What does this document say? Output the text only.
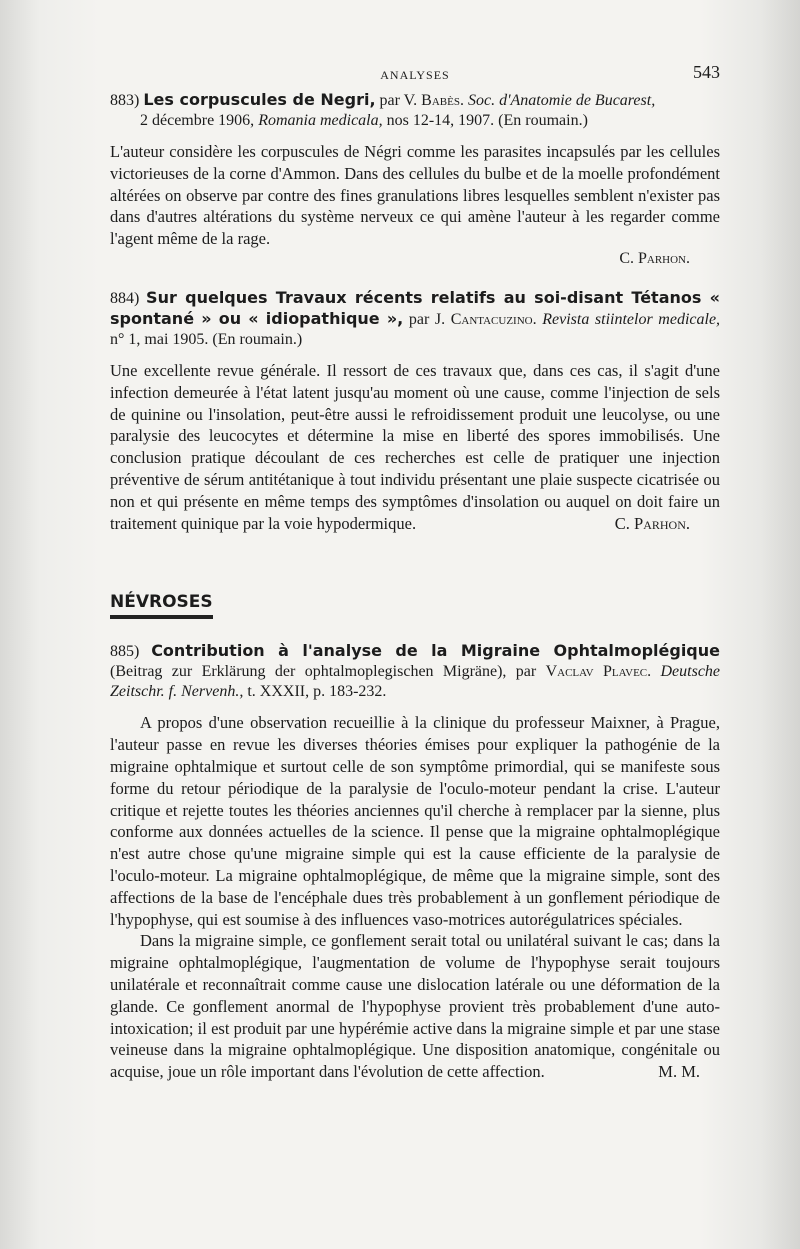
ANALYSES	543

883) Les corpuscules de Negri, par V. Babès. Soc. d'Anatomie de Bucarest,
2 décembre 1906, Romania medicala, nos 12-14, 1907. (En roumain.)

L'auteur considère les corpuscules de Négri comme les parasites incapsulés par les cellules victorieuses de la corne d'Ammon. Dans des cellules du bulbe et de la moelle profondément altérées on observe par contre des fines granulations libres lesquelles semblent n'exister pas dans d'autres altérations du système nerveux ce qui amène l'auteur à les regarder comme l'agent même de la rage.

C. Parhon.

884) Sur quelques Travaux récents relatifs au soi-disant Tétanos « spontané » ou « idiopathique », par J. Cantacuzino. Revista stiintelor medicale, n° 1, mai 1905. (En roumain.)

Une excellente revue générale. Il ressort de ces travaux que, dans ces cas, il s'agit d'une infection demeurée à l'état latent jusqu'au moment où une cause, comme l'injection de sels de quinine ou l'insolation, peut-être aussi le refroidissement produit une leucolyse, ou une paralysie des leucocytes et détermine la mise en liberté des spores immobilisés. Une conclusion pratique découlant de ces recherches est celle de pratiquer une injection préventive de sérum antitétanique à tout individu présentant une plaie suspecte cicatrisée ou non et qui présente en même temps des symptômes d'insolation ou auquel on doit faire un traitement quinique par la voie hypodermique.	C. Parhon.

NÉVROSES

885) Contribution à l'analyse de la Migraine Ophtalmoplégique (Beitrag zur Erklärung der ophtalmoplegischen Migräne), par Vaclav Plavec. Deutsche Zeitschr. f. Nervenh., t. XXXII, p. 183-232.

A propos d'une observation recueillie à la clinique du professeur Maixner, à Prague, l'auteur passe en revue les diverses théories émises pour expliquer la pathogénie de la migraine ophtalmique et surtout celle de son symptôme primordial, qui se manifeste sous forme du retour périodique de la paralysie de l'oculo-moteur pendant la crise. L'auteur critique et rejette toutes les théories anciennes qu'il cherche à remplacer par la sienne, plus conforme aux données actuelles de la science. Il pense que la migraine ophtalmoplégique n'est autre chose qu'une migraine simple qui est la cause efficiente de la paralysie de l'oculo-moteur. La migraine ophtalmoplégique, de même que la migraine simple, sont des affections de la base de l'encéphale dues très probablement à un gonflement périodique de l'hypophyse, qui est soumise à des influences vaso-motrices autorégulatrices spéciales.

Dans la migraine simple, ce gonflement serait total ou unilatéral suivant le cas; dans la migraine ophtalmoplégique, l'augmentation de volume de l'hypophyse serait toujours unilatérale et reconnaîtrait comme cause une dislocation latérale ou une déformation de la glande. Ce gonflement anormal de l'hypophyse provient très probablement d'une auto-intoxication; il est produit par une hypérémie active dans la migraine simple et par une stase veineuse dans la migraine ophtalmoplégique. Une disposition anatomique, congénitale ou acquise, joue un rôle important dans l'évolution de cette affection.	M. M.
